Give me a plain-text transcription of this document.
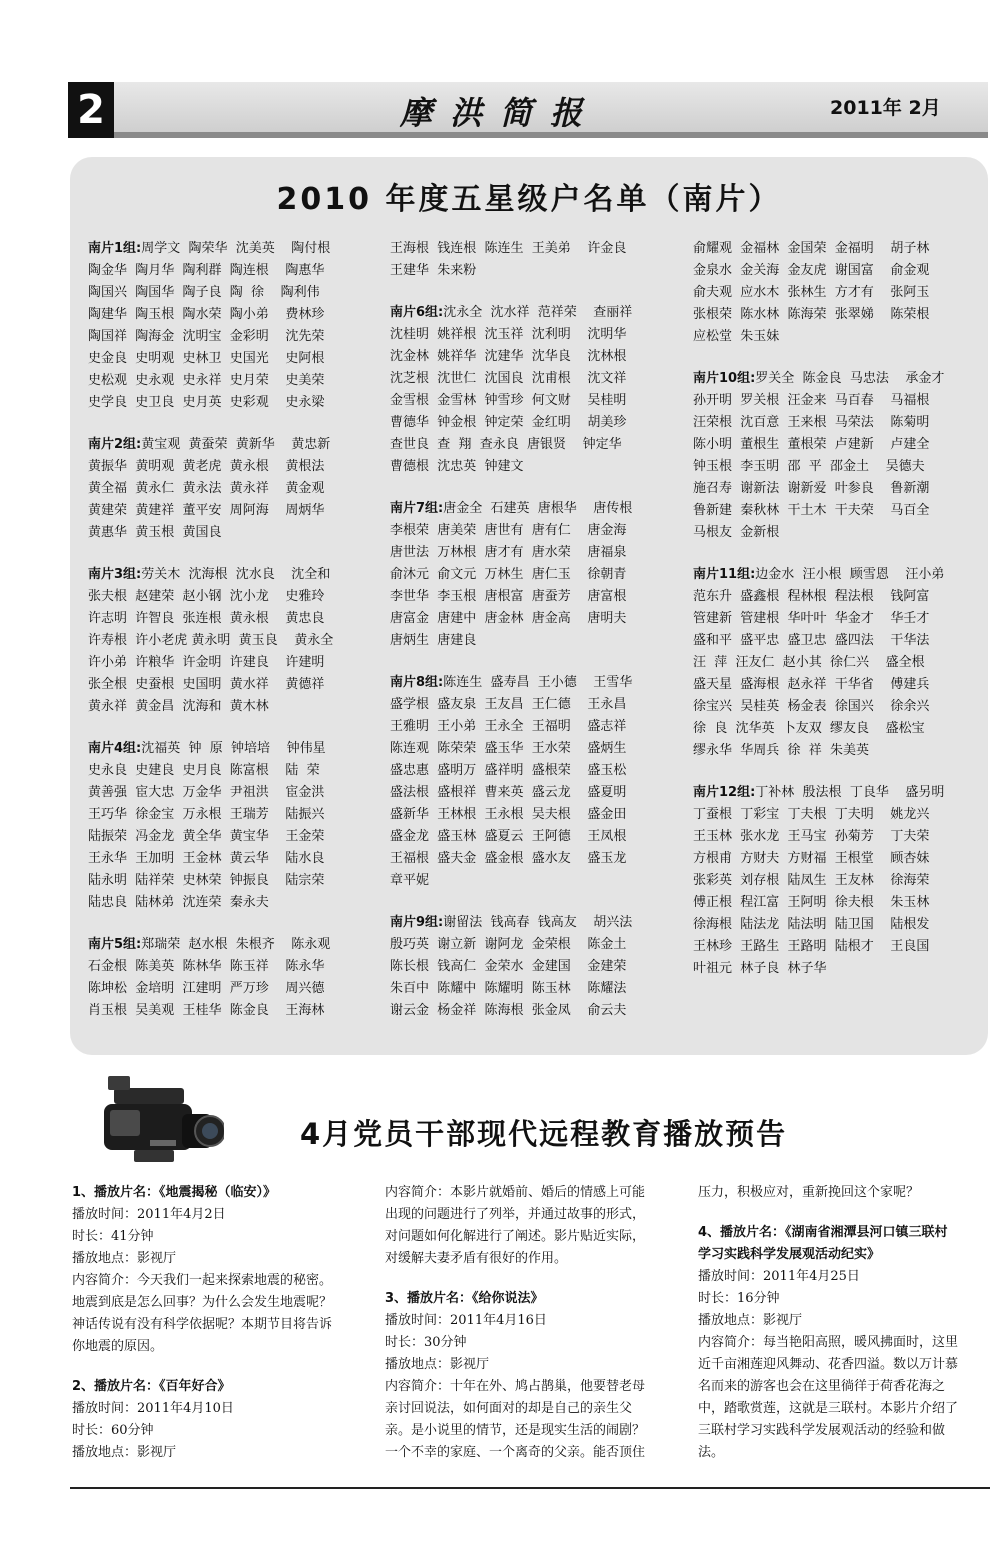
2	摩洪简报	2011年 2月
2010 年度五星级户名单（南片）
南片1组:周学文  陶荣华  沈美英    陶付根
陶金华  陶月华  陶利群  陶连根    陶惠华
陶国兴  陶国华  陶子良  陶  徐    陶利伟
陶建华  陶玉根  陶水荣  陶小弟    费林珍
陶国祥  陶海金  沈明宝  金彩明    沈先荣
史金良  史明观  史林卫  史国光    史阿根
史松观  史永观  史永祥  史月荣    史美荣
史学良  史卫良  史月英  史彩观    史永梁
南片2组:黄宝观  黄蚕荣  黄新华    黄忠新
黄振华  黄明观  黄老虎  黄永根    黄根法
黄全福  黄永仁  黄永法  黄永祥    黄金观
黄建荣  黄建祥  董平安  周阿海    周炳华
黄惠华  黄玉根  黄国良
南片3组:劳关木  沈海根  沈水良    沈全和
张夫根  赵建荣  赵小钢  沈小龙    史雅玲
许志明  许智良  张连根  黄永根    黄忠良
许寿根  许小老虎 黄永明  黄玉良    黄永全
许小弟  许粮华  许金明  许建良    许建明
张全根  史蚕根  史国明  黄水祥    黄德祥
黄永祥  黄金昌  沈海和  黄木林
南片4组:沈福英  钟  原  钟培培    钟伟星
史永良  史建良  史月良  陈富根    陆  荣
黄善强  宦大忠  万金华  尹祖洪    宦金洪
王巧华  徐金宝  万永根  王瑞芳    陆振兴
陆振荣  冯金龙  黄全华  黄宝华    王金荣
王永华  王加明  王金林  黄云华    陆水良
陆永明  陆祥荣  史林荣  钟振良    陆宗荣
陆忠良  陆林弟  沈连荣  秦永夫
南片5组:郑瑞荣  赵水根  朱根齐    陈永观
石金根  陈美英  陈林华  陈玉祥    陈永华
陈坤松  金培明  江建明  严万珍    周兴德
肖玉根  吴美观  王桂华  陈金良    王海林
王海根  钱连根  陈连生  王美弟    许金良
王建华  朱来粉
南片6组:沈永全  沈水祥  范祥荣    查丽祥
沈桂明  姚祥根  沈玉祥  沈利明    沈明华
沈金林  姚祥华  沈建华  沈华良    沈林根
沈芝根  沈世仁  沈国良  沈甫根    沈文祥
金雪根  金雪林  钟雪珍  何文财    吴桂明
曹德华  钟金根  钟定荣  金红明    胡美珍
查世良  查  翔  查永良  唐银贤    钟定华
曹德根  沈忠英  钟建文
南片7组:唐金全  石建英  唐根华    唐传根
李根荣  唐美荣  唐世有  唐有仁    唐金海
唐世法  万林根  唐才有  唐水荣    唐福泉
俞沐元  俞文元  万林生  唐仁玉    徐朝青
李世华  李玉根  唐根富  唐蚕芳    唐富根
唐富金  唐建中  唐金林  唐金高    唐明夫
唐炳生  唐建良
南片8组:陈连生  盛寿昌  王小德    王雪华
盛学根  盛友泉  王友昌  王仁德    王永昌
王雅明  王小弟  王永全  王福明    盛志祥
陈连观  陈荣荣  盛玉华  王水荣    盛炳生
盛忠惠  盛明万  盛祥明  盛根荣    盛玉松
盛法根  盛根祥  曹来英  盛云龙    盛夏明
盛新华  王林根  王永根  吴夫根    盛金田
盛金龙  盛玉林  盛夏云  王阿德    王凤根
王福根  盛夫金  盛金根  盛水友    盛玉龙
章平妮
南片9组:谢留法  钱高春  钱高友    胡兴法
殷巧英  谢立新  谢阿龙  金荣根    陈金土
陈长根  钱高仁  金荣水  金建国    金建荣
朱百中  陈耀中  陈耀明  陈玉林    陈耀法
谢云金  杨金祥  陈海根  张金凤    俞云夫
俞耀观  金福林  金国荣  金福明    胡子林
金泉水  金关海  金友虎  谢国富    俞金观
俞夫观  应水木  张林生  方才有    张阿玉
张根荣  陈水林  陈海荣  张翠娣    陈荣根
应松堂  朱玉妹
南片10组:罗关全  陈金良  马忠法    承金才
孙开明  罗关根  汪金来  马百春    马福根
汪荣根  沈百意  王来根  马荣法    陈菊明
陈小明  董根生  董根荣  卢建新    卢建全
钟玉根  李玉明  邵  平  邵金土    吴德夫
施召寿  谢新法  谢新爱  叶参良    鲁新潮
鲁新建  秦秋林  干土木  干夫荣    马百全
马根友  金新根
南片11组:边金水  汪小根  顾雪恩    汪小弟
范东升  盛鑫根  程林根  程法根    钱阿富
管建新  管建根  华叶叶  华金才    华壬才
盛和平  盛平忠  盛卫忠  盛四法    干华法
汪  萍  汪友仁  赵小其  徐仁兴    盛全根
盛天星  盛海根  赵永祥  干华省    傅建兵
徐宝兴  吴桂英  杨金表  徐国兴    徐余兴
徐  良  沈华英  卜友双  缪友良    盛松宝
缪永华  华周兵  徐  祥  朱美英
南片12组:丁补林  殷法根  丁良华    盛另明
丁蚕根  丁彩宝  丁夫根  丁夫明    姚龙兴
王玉林  张水龙  王马宝  孙菊芳    丁夫荣
方根甫  方财夫  方财福  王根堂    顾杏妹
张彩英  刘存根  陆凤生  王友林    徐海荣
傅正根  程江富  王阿明  徐夫根    朱玉林
徐海根  陆法龙  陆法明  陆卫国    陆根发
王林珍  王路生  王路明  陆根才    王良国
叶祖元  林子良  林子华
4月党员干部现代远程教育播放预告

1、播放片名：《地震揭秘（临安）》

播放时间：2011年4月2日

时长：41分钟

播放地点：影视厅

内容简介：今天我们一起来探索地震的秘密。

地震到底是怎么回事？为什么会发生地震呢？

神话传说有没有科学依据呢？本期节目将告诉

你地震的原因。

2、播放片名：《百年好合》

播放时间：2011年4月10日

时长：60分钟

播放地点：影视厅

内容简介：本影片就婚前、婚后的情感上可能

出现的问题进行了列举，并通过故事的形式，

对问题如何化解进行了阐述。影片贴近实际，

对缓解夫妻矛盾有很好的作用。

3、播放片名：《给你说法》

播放时间：2011年4月16日

时长：30分钟

播放地点：影视厅

内容简介：十年在外、鸠占鹊巢，他要替老母

亲讨回说法，如何面对的却是自己的亲生父

亲。是小说里的情节，还是现实生活的闹剧？

一个不幸的家庭、一个离奇的父亲。能否顶住

压力，积极应对，重新挽回这个家呢？

4、播放片名：《湖南省湘潭县河口镇三联村

学习实践科学发展观活动纪实》

播放时间：2011年4月25日

时长：16分钟

播放地点：影视厅

内容简介：每当艳阳高照，暖风拂面时，这里

近千亩湘莲迎风舞动、花香四溢。数以万计慕

名而来的游客也会在这里徜徉于荷香花海之

中，踏歌赏莲，这就是三联村。本影片介绍了

三联村学习实践科学发展观活动的经验和做

法。
